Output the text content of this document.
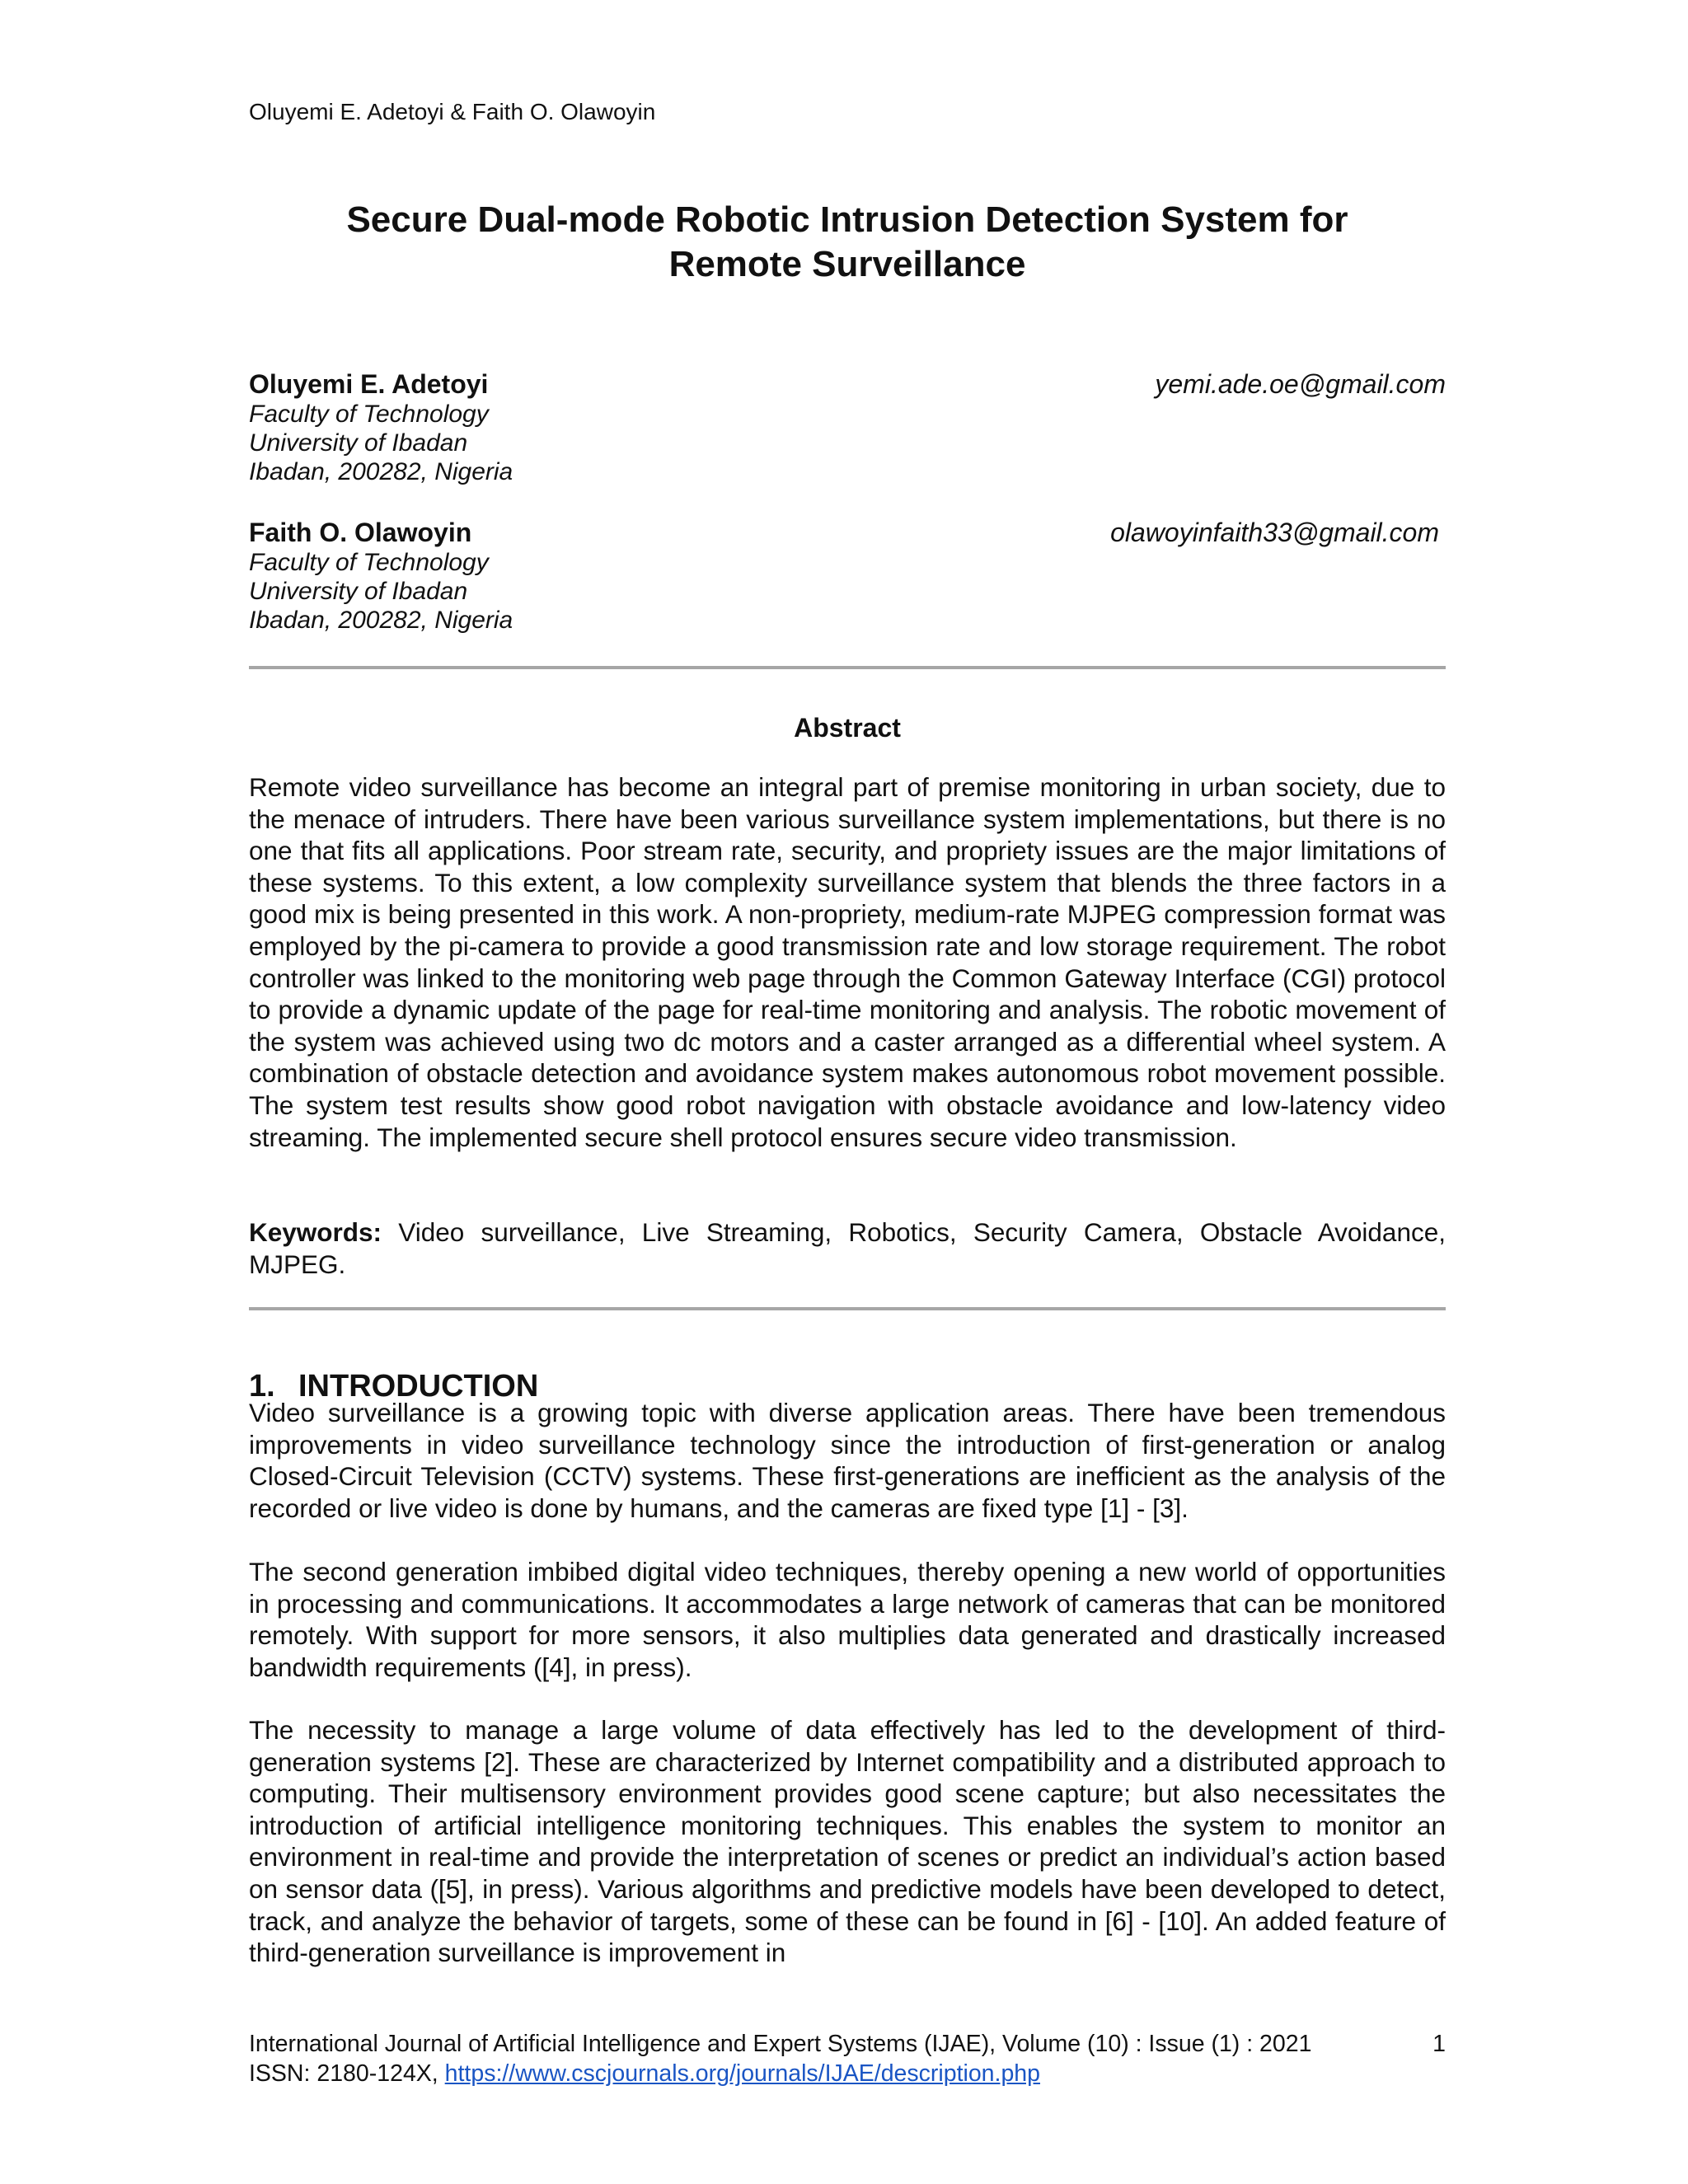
Oluyemi E. Adetoyi & Faith O. Olawoyin
Secure Dual-mode Robotic Intrusion Detection System for
Remote Surveillance
Oluyemi E. Adetoyi	yemi.ade.oe@gmail.com
Faculty of Technology
University of Ibadan
Ibadan, 200282, Nigeria
Faith O. Olawoyin	olawoyinfaith33@gmail.com
Faculty of Technology
University of Ibadan
Ibadan, 200282, Nigeria
Abstract

Remote video surveillance has become an integral part of premise monitoring in urban society, due to the menace of intruders. There have been various surveillance system implementations, but there is no one that fits all applications. Poor stream rate, security, and propriety issues are the major limitations of these systems. To this extent, a low complexity surveillance system that blends the three factors in a good mix is being presented in this work. A non-propriety, medium-rate MJPEG compression format was employed by the pi-camera to provide a good transmission rate and low storage requirement. The robot controller was linked to the monitoring web page through the Common Gateway Interface (CGI) protocol to provide a dynamic update of the page for real-time monitoring and analysis. The robotic movement of the system was achieved using two dc motors and a caster arranged as a differential wheel system. A combination of obstacle detection and avoidance system makes autonomous robot movement possible. The system test results show good robot navigation with obstacle avoidance and low-latency video streaming. The implemented secure shell protocol ensures secure video transmission.

Keywords: Video surveillance, Live Streaming, Robotics, Security Camera, Obstacle Avoidance, MJPEG.

1. INTRODUCTION

Video surveillance is a growing topic with diverse application areas. There have been tremendous improvements in video surveillance technology since the introduction of first-generation or analog Closed-Circuit Television (CCTV) systems. These first-generations are inefficient as the analysis of the recorded or live video is done by humans, and the cameras are fixed type [1] - [3].

The second generation imbibed digital video techniques, thereby opening a new world of opportunities in processing and communications. It accommodates a large network of cameras that can be monitored remotely. With support for more sensors, it also multiplies data generated and drastically increased bandwidth requirements ([4], in press).

The necessity to manage a large volume of data effectively has led to the development of third-generation systems [2]. These are characterized by Internet compatibility and a distributed approach to computing. Their multisensory environment provides good scene capture; but also necessitates the introduction of artificial intelligence monitoring techniques. This enables the system to monitor an environment in real-time and provide the interpretation of scenes or predict an individual’s action based on sensor data ([5], in press). Various algorithms and predictive models have been developed to detect, track, and analyze the behavior of targets, some of these can be found in [6] - [10]. An added feature of third-generation surveillance is improvement in

International Journal of Artificial Intelligence and Expert Systems (IJAE), Volume (10) : Issue (1) : 2021	1
ISSN: 2180-124X, https://www.cscjournals.org/journals/IJAE/description.php
